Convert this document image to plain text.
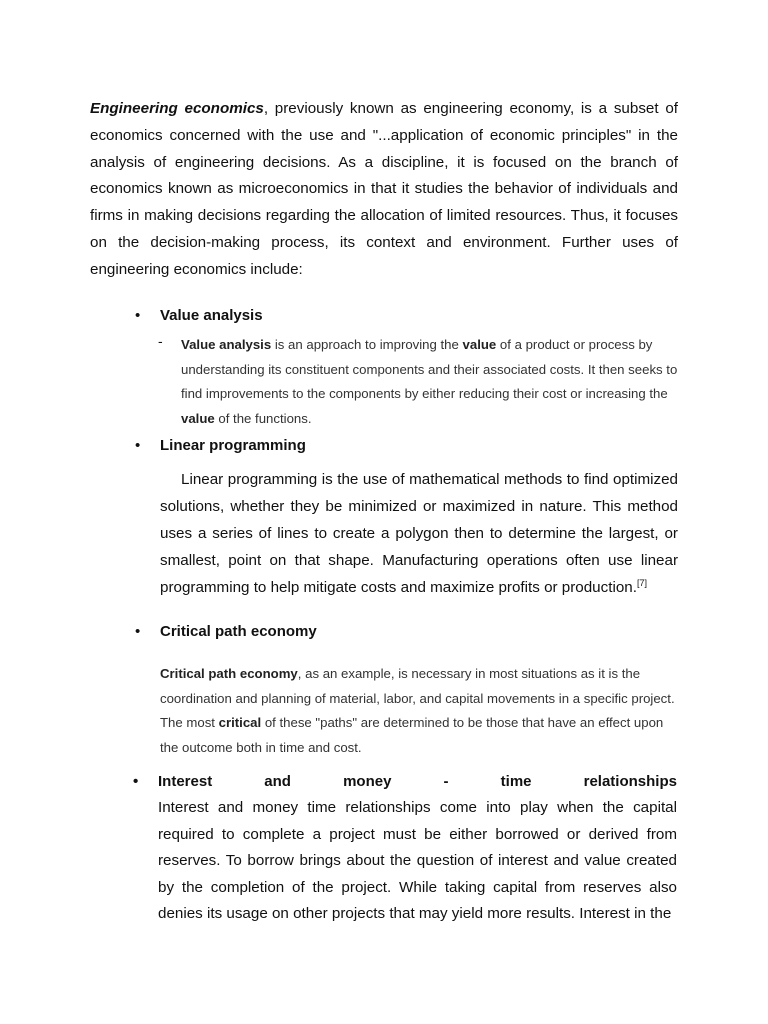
Engineering economics, previously known as engineering economy, is a subset of economics concerned with the use and "...application of economic principles" in the analysis of engineering decisions. As a discipline, it is focused on the branch of economics known as microeconomics in that it studies the behavior of individuals and firms in making decisions regarding the allocation of limited resources. Thus, it focuses on the decision-making process, its context and environment. Further uses of engineering economics include:

• Value analysis
- Value analysis is an approach to improving the value of a product or process by understanding its constituent components and their associated costs. It then seeks to find improvements to the components by either reducing their cost or increasing the value of the functions.

• Linear programming

Linear programming is the use of mathematical methods to find optimized solutions, whether they be minimized or maximized in nature. This method uses a series of lines to create a polygon then to determine the largest, or smallest, point on that shape. Manufacturing operations often use linear programming to help mitigate costs and maximize profits or production.[7]

• Critical path economy

Critical path economy, as an example, is necessary in most situations as it is the coordination and planning of material, labor, and capital movements in a specific project. The most critical of these "paths" are determined to be those that have an effect upon the outcome both in time and cost.

• Interest	and	money	-	time	relationships

Interest and money time relationships come into play when the capital required to complete a project must be either borrowed or derived from reserves. To borrow brings about the question of interest and value created by the completion of the project. While taking capital from reserves also denies its usage on other projects that may yield more results. Interest in the
